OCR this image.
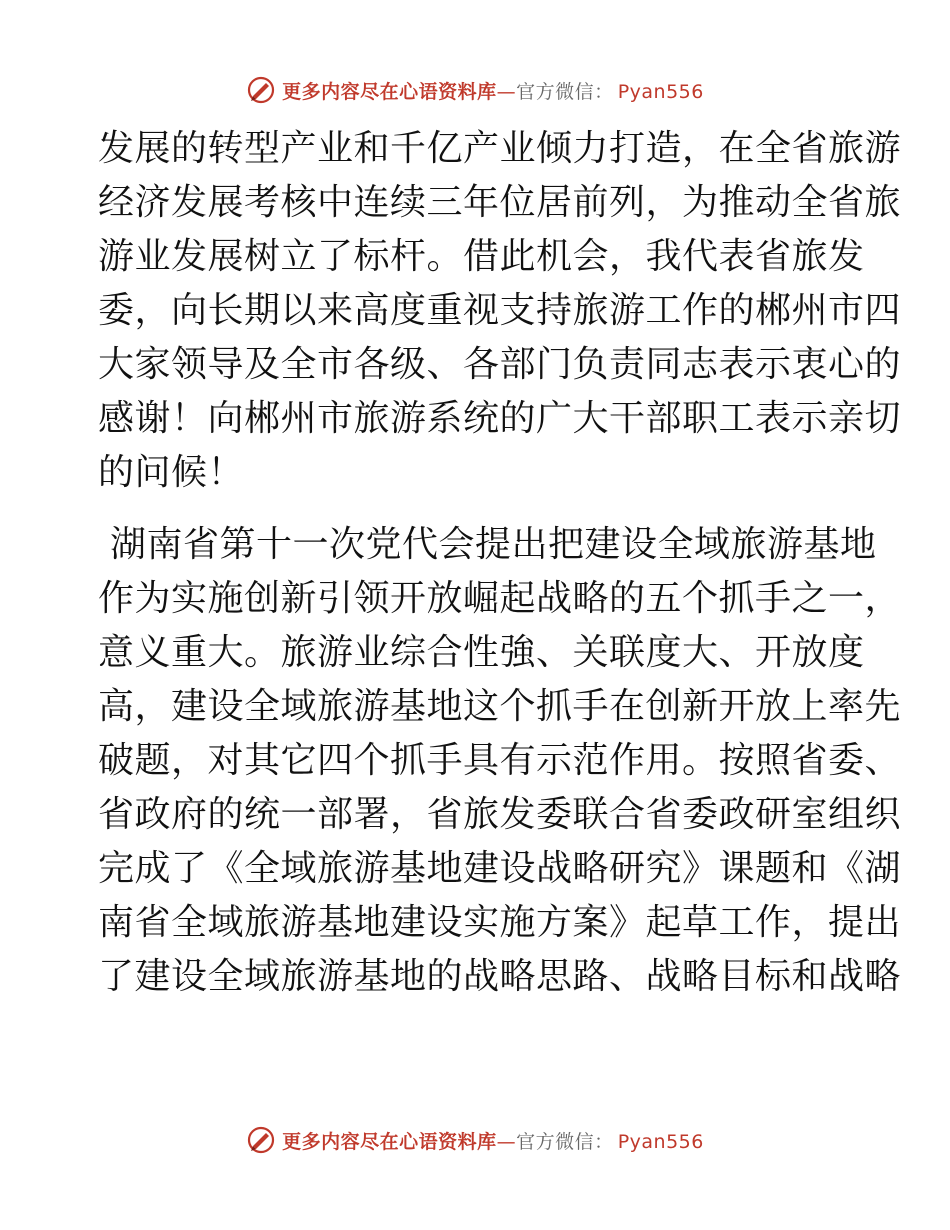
更多内容尽在心语资料库—官方微信： Pyan556
发展的转型产业和千亿产业倾力打造，在全省旅游
经济发展考核中连续三年位居前列，为推动全省旅
游业发展树立了标杆。借此机会，我代表省旅发
委，向长期以来高度重视支持旅游工作的郴州市四
大家领导及全市各级、各部门负责同志表示衷心的
感谢！向郴州市旅游系统的广大干部职工表示亲切
的问候！
湖南省第十一次党代会提出把建设全域旅游基地
作为实施创新引领开放崛起战略的五个抓手之一，
意义重大。旅游业综合性強、关联度大、开放度
高，建设全域旅游基地这个抓手在创新开放上率先
破题，对其它四个抓手具有示范作用。按照省委、
省政府的统一部署，省旅发委联合省委政研室组织
完成了《全域旅游基地建设战略研究》课题和《湖
南省全域旅游基地建设实施方案》起草工作，提出
了建设全域旅游基地的战略思路、战略目标和战略
更多内容尽在心语资料库—官方微信： Pyan556
